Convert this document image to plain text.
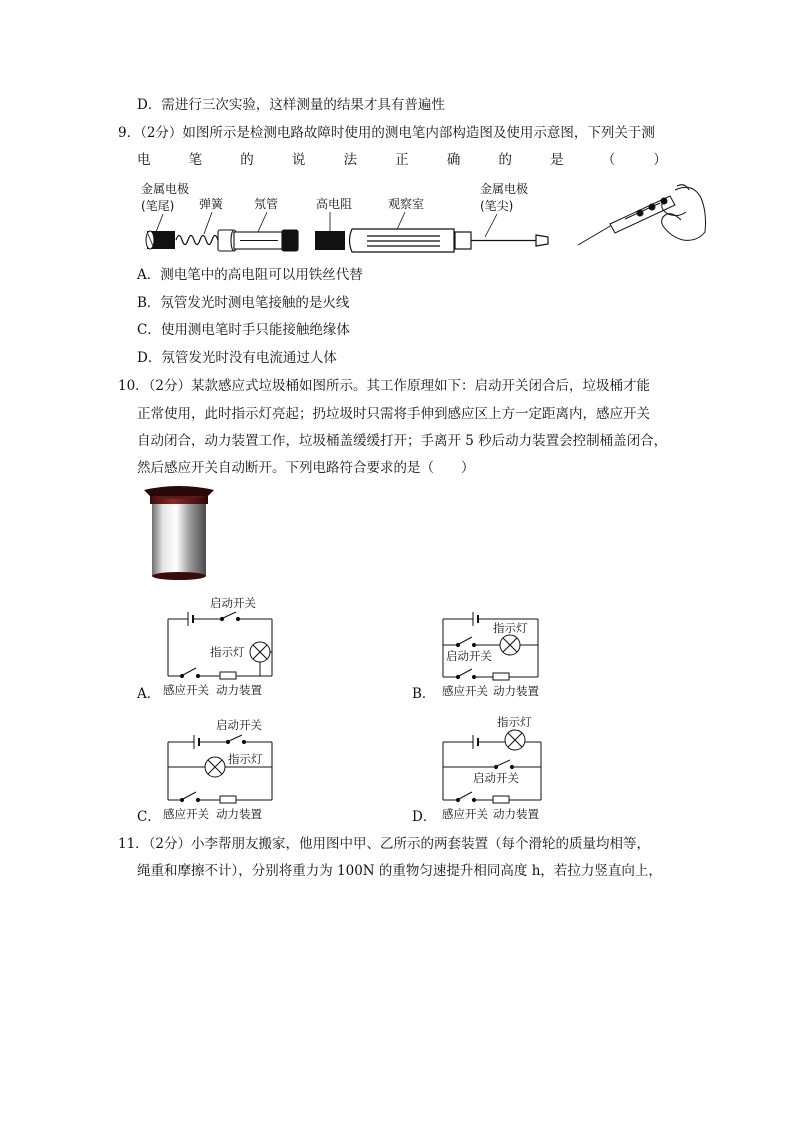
D．需进行三次实验，这样测量的结果才具有普遍性
9．（2分）如图所示是检测电路故障时使用的测电笔内部构造图及使用示意图，下列关于测
电	笔	的	说	法	正	确	的	是	（	）
金属电极
(笔尾) 弹簧	氖管	高电阻	观察室
金属电极
(笔尖)
A．测电笔中的高电阻可以用铁丝代替
B．氖管发光时测电笔接触的是火线
C．使用测电笔时手只能接触绝缘体
D．氖管发光时没有电流通过人体
10．（2分）某款感应式垃圾桶如图所示。其工作原理如下：启动开关闭合后，垃圾桶才能
正常使用，此时指示灯亮起；扔垃圾时只需将手伸到感应区上方一定距离内，感应开关
自动闭合，动力装置工作，垃圾桶盖缓缓打开；手离开 5 秒后动力装置会控制桶盖闭合，
然后感应开关自动断开。下列电路符合要求的是（　　）
启动开关
指示灯
感应开关 动力装置
A．
指示灯
启动开关
感应开关 动力装置
B．
启动开关
指示灯
感应开关 动力装置
C．
指示灯
启动开关
感应开关 动力装置
D．
11．（2分）小李帮朋友搬家，他用图中甲、乙所示的两套装置（每个滑轮的质量均相等，
绳重和摩擦不计），分别将重力为 100N 的重物匀速提升相同高度 h，若拉力竖直向上，
